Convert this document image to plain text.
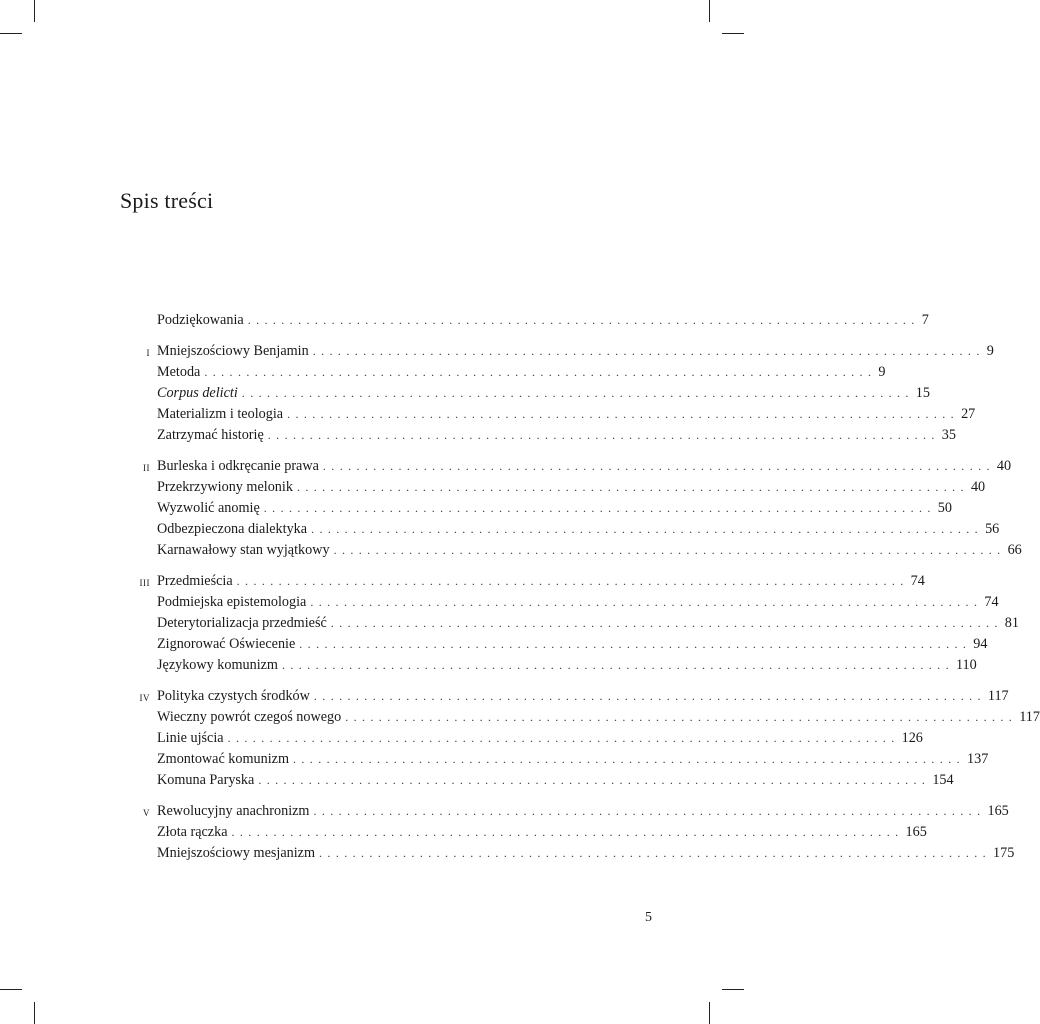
Spis treści
Podziękowania ................................................................................ 7
i Mniejszościowy Benjamin ................................................................................ 9
Metoda ................................................................................ 9
Corpus delicti ................................................................................ 15
Materializm i teologia ................................................................................ 27
Zatrzymać historię ................................................................................ 35
ii Burleska i odkręcanie prawa ................................................................................ 40
Przekrzywiony melonik ................................................................................ 40
Wyzwolić anomię ................................................................................ 50
Odbezpieczona dialektyka ................................................................................ 56
Karnawałowy stan wyjątkowy ................................................................................ 66
iii Przedmieścia ................................................................................ 74
Podmiejska epistemologia ................................................................................ 74
Deterytorializacja przedmieść ................................................................................ 81
Zignorować Oświecenie ................................................................................ 94
Językowy komunizm ................................................................................ 110
iv Polityka czystych środków ................................................................................ 117
Wieczny powrót czegoś nowego ................................................................................ 117
Linie ujścia ................................................................................ 126
Zmontować komunizm ................................................................................ 137
Komuna Paryska ................................................................................ 154
v Rewolucyjny anachronizm ................................................................................ 165
Złota rączka ................................................................................ 165
Mniejszościowy mesjanizm ................................................................................ 175
5
